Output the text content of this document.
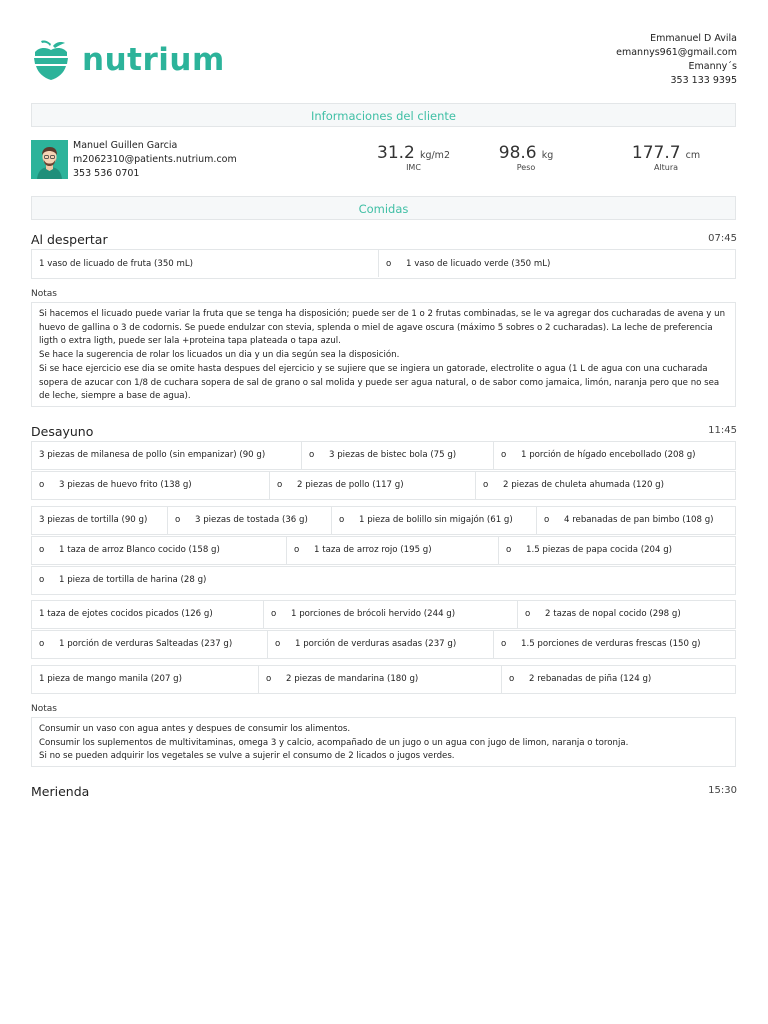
nutrium
Emmanuel D Avila
emannys961@gmail.com
Emanny´s
353 133 9395
Informaciones del cliente
Manuel Guillen Garcia
m2062310@patients.nutrium.com
353 536 0701
31.2 kg/m2
IMC
98.6 kg
Peso
177.7 cm
Altura
Comidas
Al despertar	07:45
1 vaso de licuado de fruta (350 mL)	o 1 vaso de licuado verde (350 mL)
Notas

Si hacemos el licuado puede variar la fruta que se tenga ha disposición; puede ser de 1 o 2 frutas combinadas, se le va agregar dos cucharadas de avena y un huevo de gallina o 3 de codornis. Se puede endulzar con stevia, splenda o miel de agave oscura (máximo 5 sobres o 2 cucharadas). La leche de preferencia ligth o extra ligth, puede ser lala +proteina tapa plateada o tapa azul.

Se hace la sugerencia de rolar los licuados un dia y un dia según sea la disposición.

Si se hace ejercicio ese dia se omite hasta despues del ejercicio y se sujiere que se ingiera un gatorade, electrolite o agua (1 L de agua con una cucharada sopera de azucar con 1/8 de cuchara sopera de sal de grano o sal molida y puede ser agua natural, o de sabor como jamaica, limón, naranja pero que no sea de leche, siempre a base de agua).

Desayuno	11:45
3 piezas de milanesa de pollo (sin empanizar) (90 g)	o 3 piezas de bistec bola (75 g)	o 1 porción de hígado encebollado (208 g)
o 3 piezas de huevo frito (138 g)	o 2 piezas de pollo (117 g)	o 2 piezas de chuleta ahumada (120 g)
3 piezas de tortilla (90 g)	o 3 piezas de tostada (36 g)	o 1 pieza de bolillo sin migajón (61 g)	o 4 rebanadas de pan bimbo (108 g)
o 1 taza de arroz Blanco cocido (158 g)	o 1 taza de arroz rojo (195 g)	o 1.5 piezas de papa cocida (204 g)
o 1 pieza de tortilla de harina (28 g)
1 taza de ejotes cocidos picados (126 g)	o 1 porciones de brócoli hervido (244 g)	o 2 tazas de nopal cocido (298 g)
o 1 porción de verduras Salteadas (237 g)	o 1 porción de verduras asadas (237 g)	o 1.5 porciones de verduras frescas (150 g)
1 pieza de mango manila (207 g)	o 2 piezas de mandarina (180 g)	o 2 rebanadas de piña (124 g)
Notas

Consumir un vaso con agua antes y despues de consumir los alimentos.

Consumir los suplementos de multivitaminas, omega 3 y calcio, acompañado de un jugo o un agua con jugo de limon, naranja o toronja.

Si no se pueden adquirir los vegetales se vulve a sujerir el consumo de 2 licados o jugos verdes.

Merienda	15:30
